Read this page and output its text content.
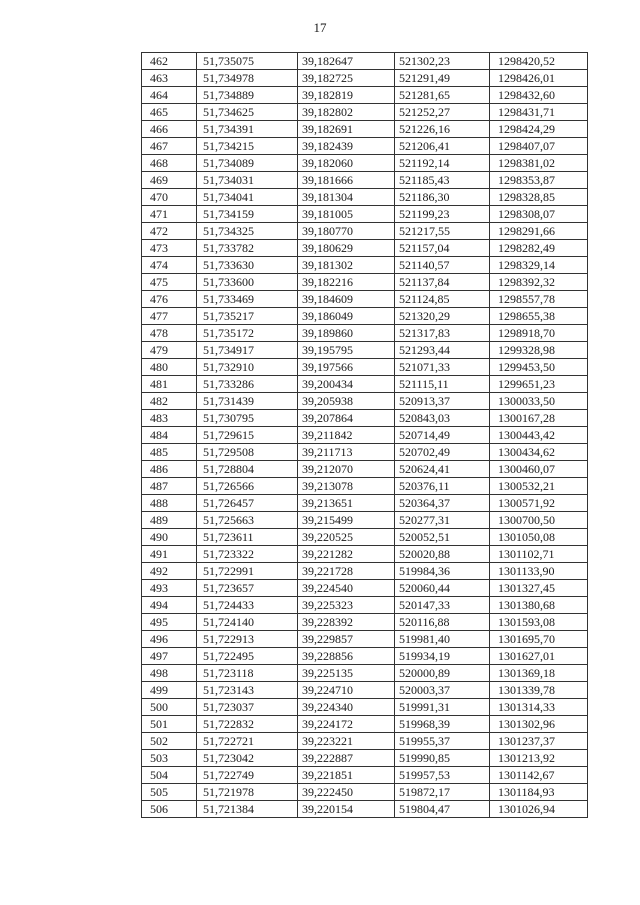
17
462	51,735075	39,182647	521302,23	1298420,52
463	51,734978	39,182725	521291,49	1298426,01
464	51,734889	39,182819	521281,65	1298432,60
465	51,734625	39,182802	521252,27	1298431,71
466	51,734391	39,182691	521226,16	1298424,29
467	51,734215	39,182439	521206,41	1298407,07
468	51,734089	39,182060	521192,14	1298381,02
469	51,734031	39,181666	521185,43	1298353,87
470	51,734041	39,181304	521186,30	1298328,85
471	51,734159	39,181005	521199,23	1298308,07
472	51,734325	39,180770	521217,55	1298291,66
473	51,733782	39,180629	521157,04	1298282,49
474	51,733630	39,181302	521140,57	1298329,14
475	51,733600	39,182216	521137,84	1298392,32
476	51,733469	39,184609	521124,85	1298557,78
477	51,735217	39,186049	521320,29	1298655,38
478	51,735172	39,189860	521317,83	1298918,70
479	51,734917	39,195795	521293,44	1299328,98
480	51,732910	39,197566	521071,33	1299453,50
481	51,733286	39,200434	521115,11	1299651,23
482	51,731439	39,205938	520913,37	1300033,50
483	51,730795	39,207864	520843,03	1300167,28
484	51,729615	39,211842	520714,49	1300443,42
485	51,729508	39,211713	520702,49	1300434,62
486	51,728804	39,212070	520624,41	1300460,07
487	51,726566	39,213078	520376,11	1300532,21
488	51,726457	39,213651	520364,37	1300571,92
489	51,725663	39,215499	520277,31	1300700,50
490	51,723611	39,220525	520052,51	1301050,08
491	51,723322	39,221282	520020,88	1301102,71
492	51,722991	39,221728	519984,36	1301133,90
493	51,723657	39,224540	520060,44	1301327,45
494	51,724433	39,225323	520147,33	1301380,68
495	51,724140	39,228392	520116,88	1301593,08
496	51,722913	39,229857	519981,40	1301695,70
497	51,722495	39,228856	519934,19	1301627,01
498	51,723118	39,225135	520000,89	1301369,18
499	51,723143	39,224710	520003,37	1301339,78
500	51,723037	39,224340	519991,31	1301314,33
501	51,722832	39,224172	519968,39	1301302,96
502	51,722721	39,223221	519955,37	1301237,37
503	51,723042	39,222887	519990,85	1301213,92
504	51,722749	39,221851	519957,53	1301142,67
505	51,721978	39,222450	519872,17	1301184,93
506	51,721384	39,220154	519804,47	1301026,94
